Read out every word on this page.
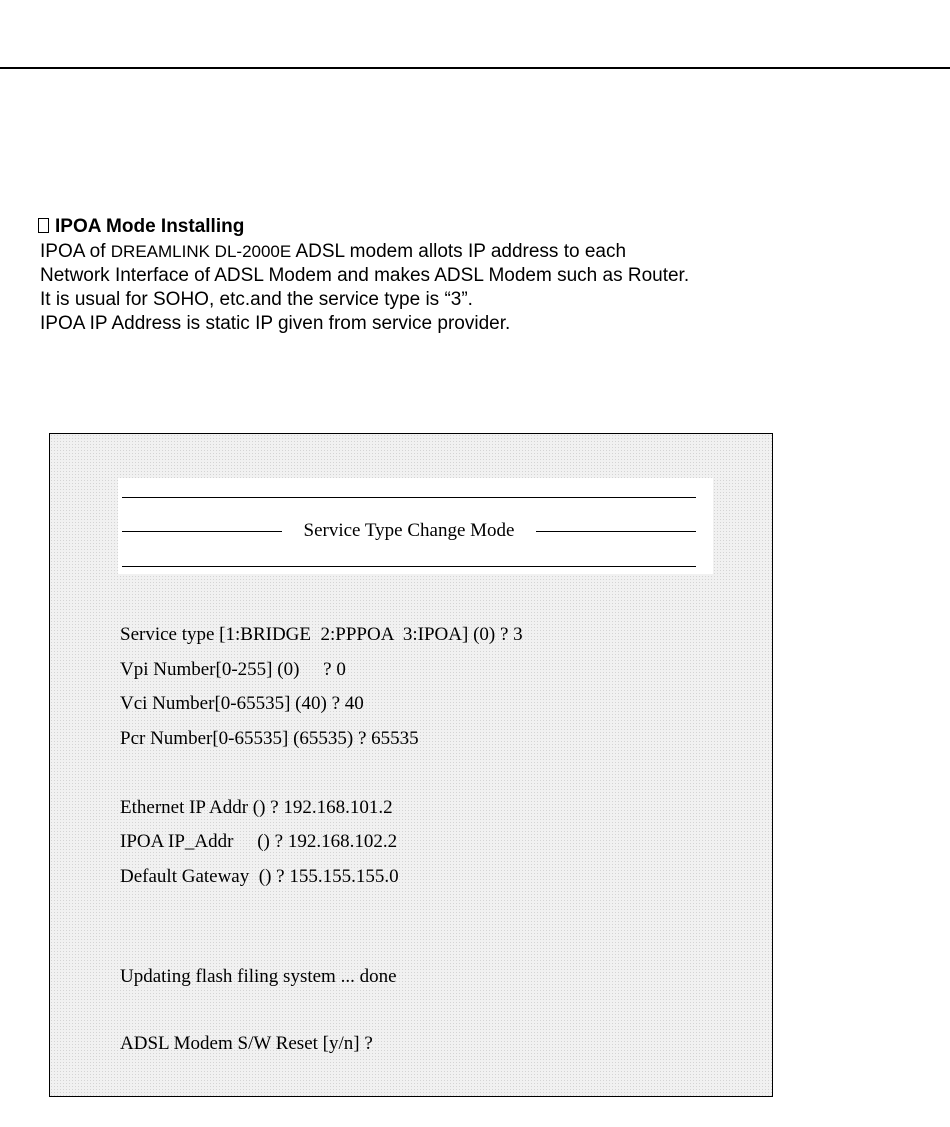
IPOA Mode Installing
IPOA of DREAMLINK DL-2000E ADSL modem allots IP address to each
Network Interface of ADSL Modem and makes ADSL Modem such as Router.
It is usual for SOHO, etc.and the service type is “3”.
IPOA IP Address is static IP given from service provider.
Service Type Change Mode
Service type [1:BRIDGE  2:PPPOA  3:IPOA] (0) ? 3
Vpi Number[0-255] (0)     ? 0
Vci Number[0-65535] (40) ? 40
Pcr Number[0-65535] (65535) ? 65535
Ethernet IP Addr () ? 192.168.101.2
IPOA IP_Addr     () ? 192.168.102.2
Default Gateway  () ? 155.155.155.0
Updating flash filing system ... done
ADSL Modem S/W Reset [y/n] ?
